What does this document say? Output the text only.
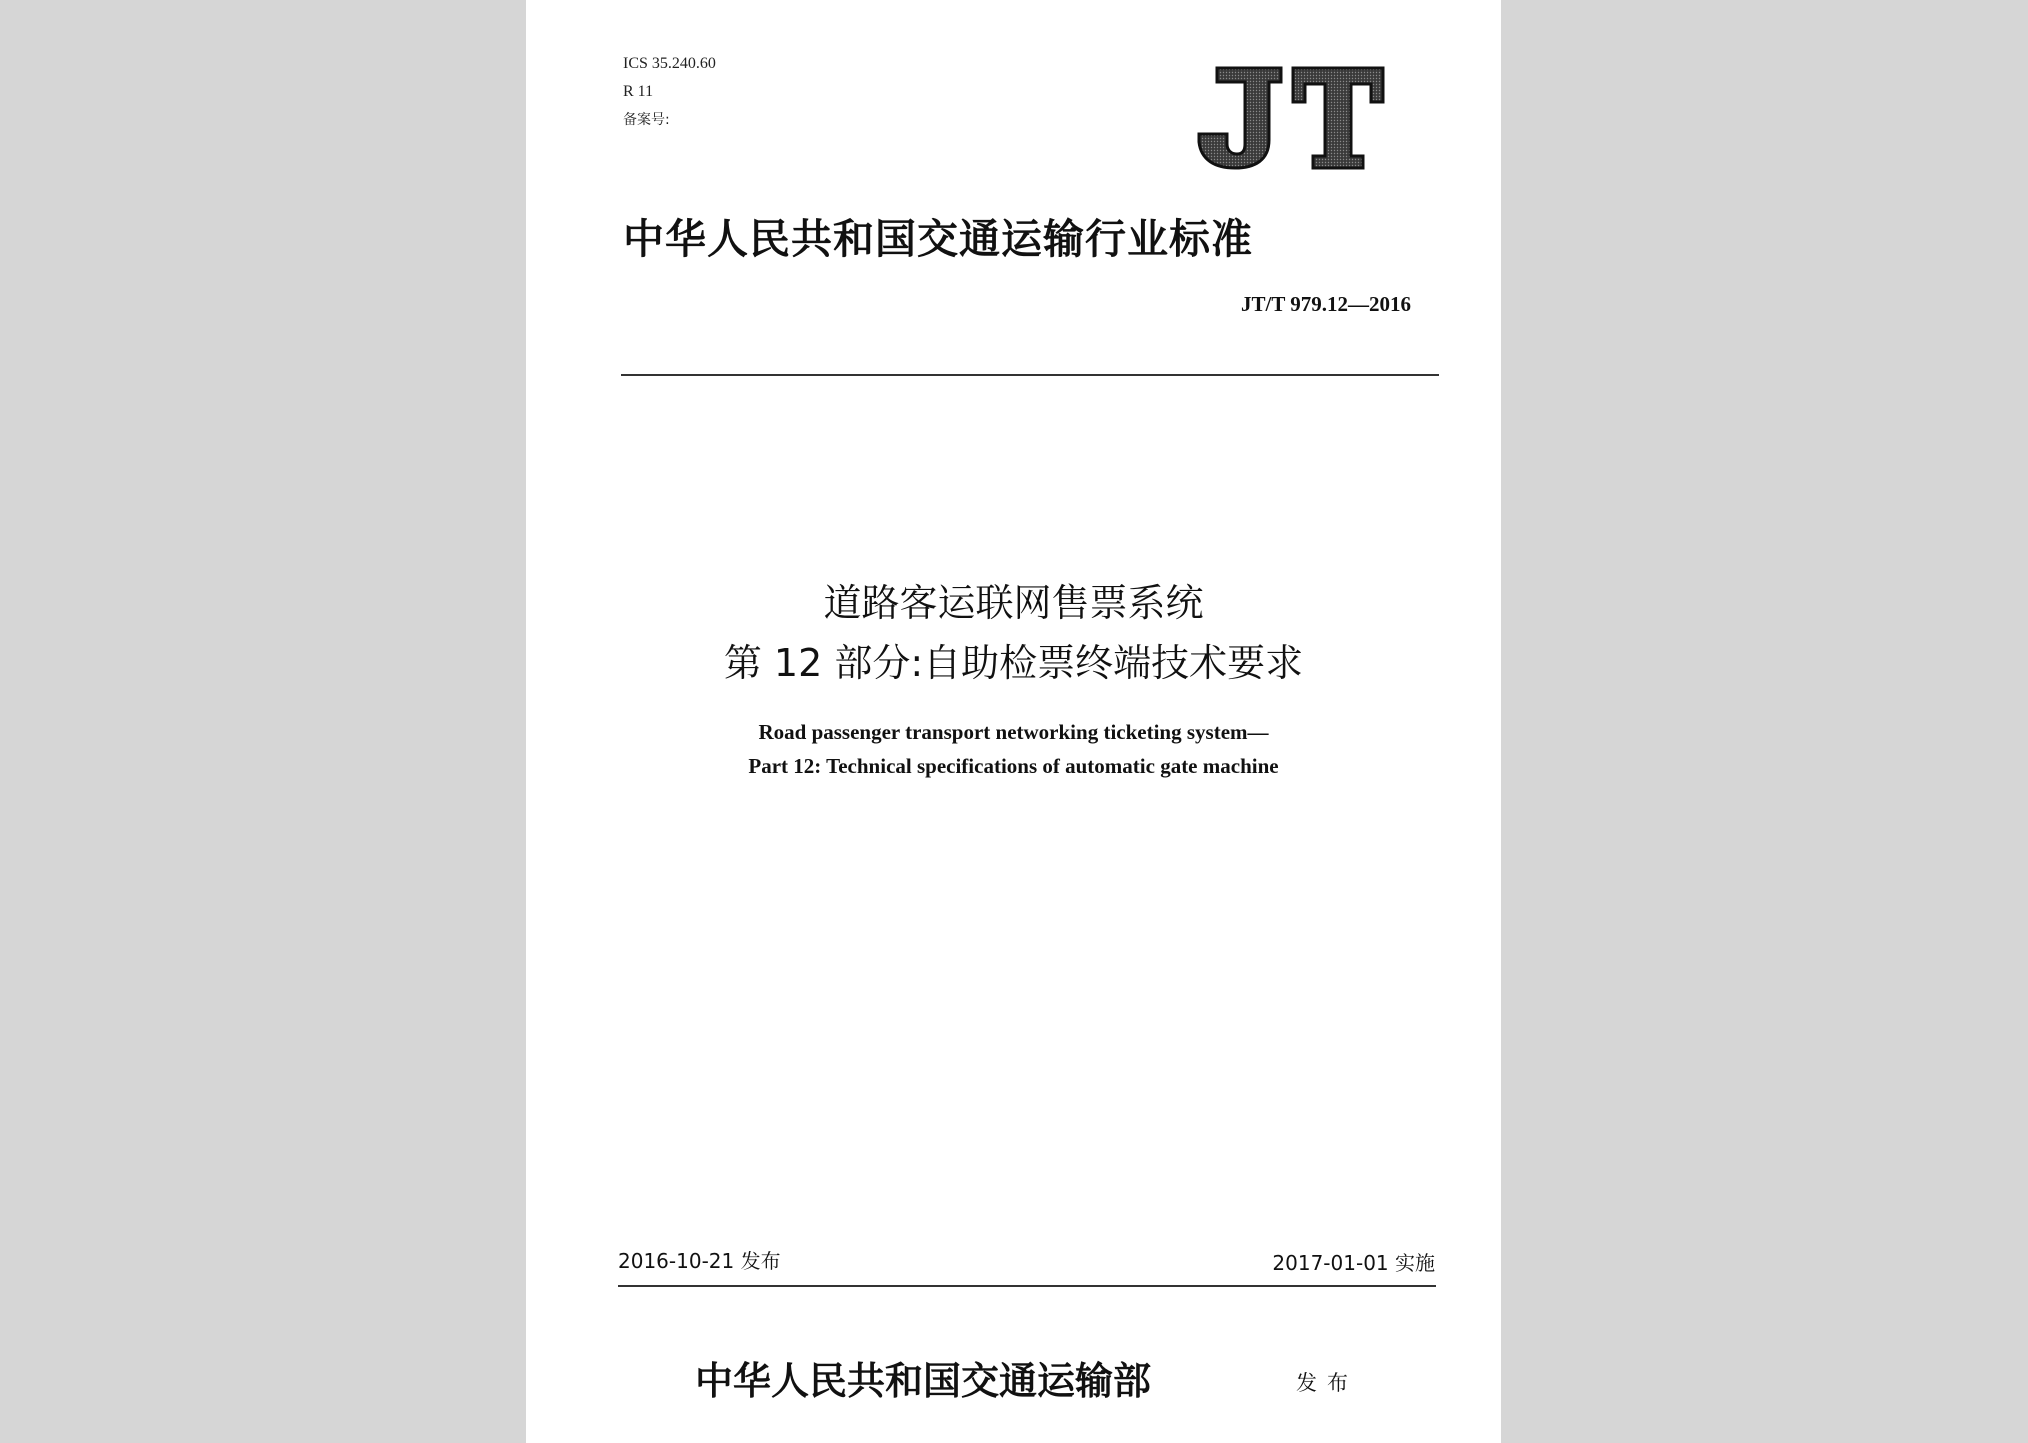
ICS 35.240.60
R 11
备案号:
JT
中华人民共和国交通运输行业标准
JT/T 979.12—2016
道路客运联网售票系统
第 12 部分:自助检票终端技术要求
Road passenger transport networking ticketing system—
Part 12: Technical specifications of automatic gate machine
2016-10-21 发布	2017-01-01 实施
中华人民共和国交通运输部	发布
